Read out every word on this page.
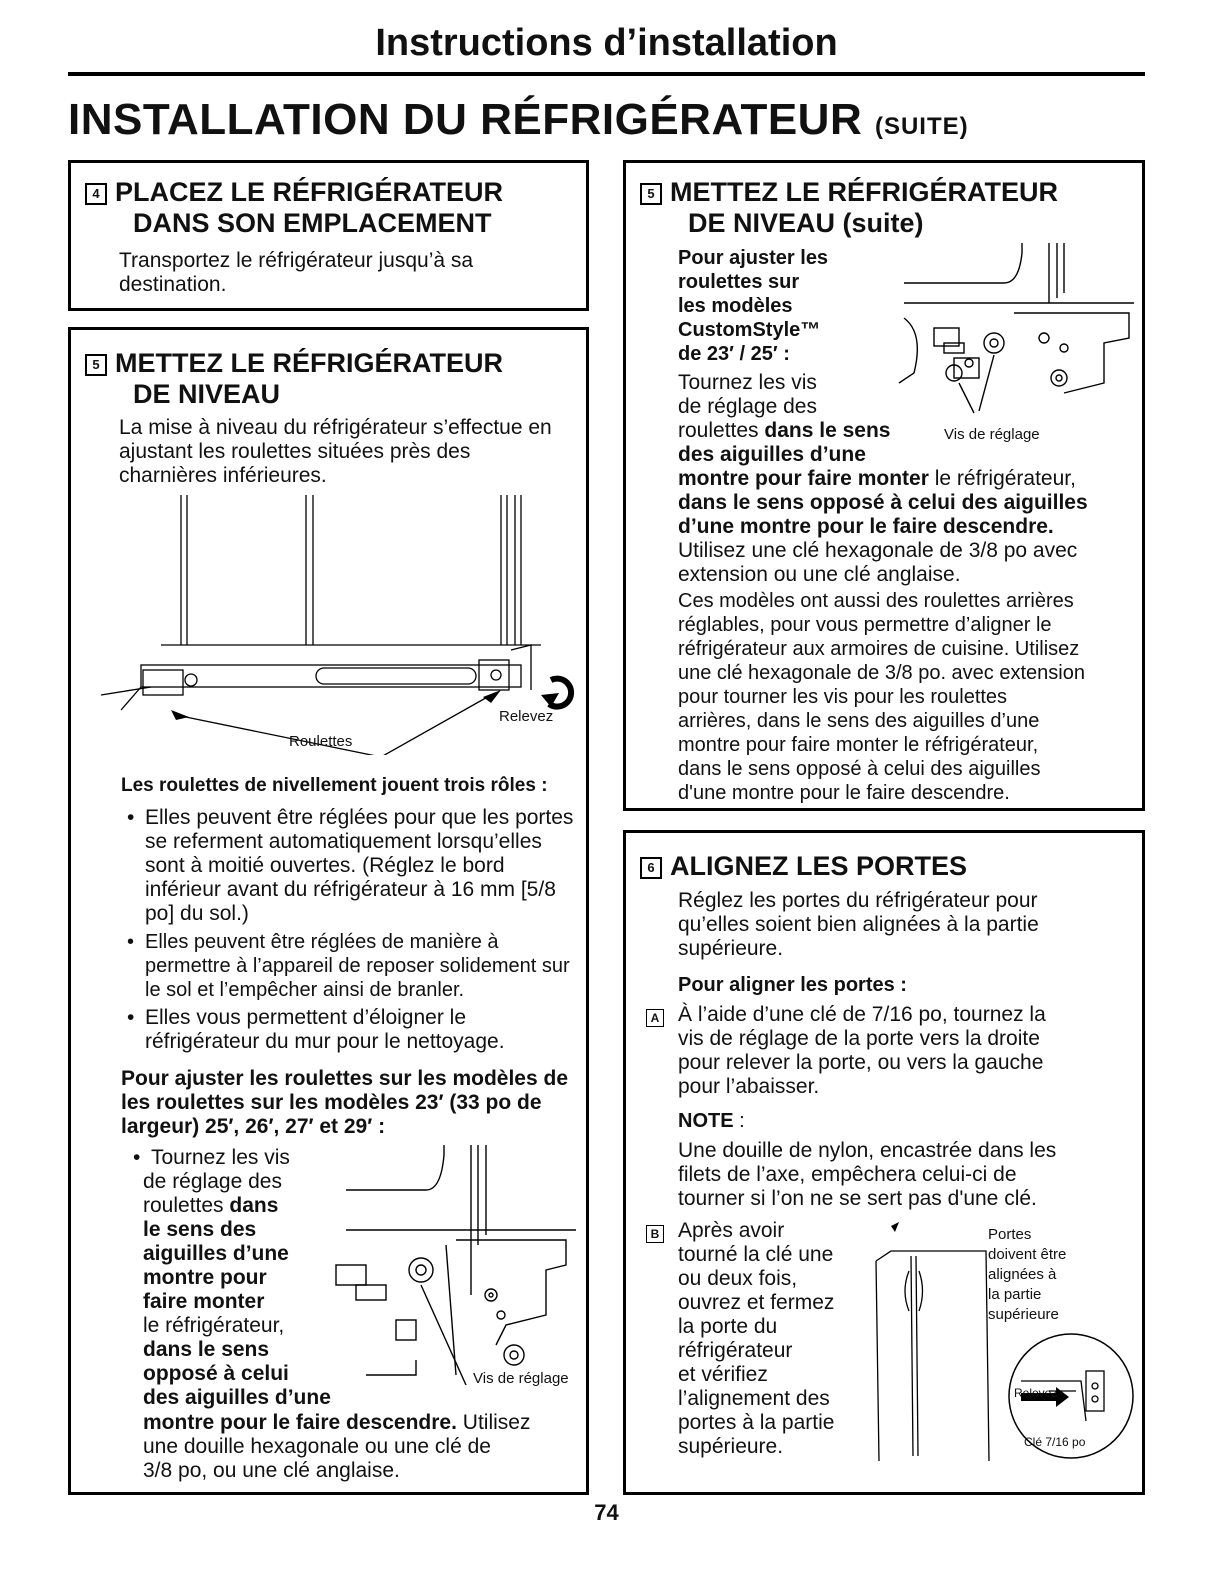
Instructions d’installation
INSTALLATION DU RÉFRIGÉRATEUR (SUITE)
4 PLACEZ LE RÉFRIGÉRATEUR
DANS SON EMPLACEMENT
Transportez le réfrigérateur jusqu’à sa destination.
5 METTEZ LE RÉFRIGÉRATEUR
DE NIVEAU
La mise à niveau du réfrigérateur s’effectue en ajustant les roulettes situées près des charnières inférieures.
Relevez
Roulettes
Les roulettes de nivellement jouent trois rôles :
• Elles peuvent être réglées pour que les portes se referment automatiquement lorsqu’elles sont à moitié ouvertes. (Réglez le bord inférieur avant du réfrigérateur à 16 mm [5/8 po] du sol.)
• Elles peuvent être réglées de manière à permettre à l’appareil de reposer solidement sur le sol et l’empêcher ainsi de branler.
• Elles vous permettent d’éloigner le réfrigérateur du mur pour le nettoyage.
Pour ajuster les roulettes sur les modèles de les roulettes sur les modèles 23′ (33 po de largeur) 25′, 26′, 27′ et 29′ :
• Tournez les vis
de réglage des
roulettes dans
le sens des
aiguilles d’une
montre pour
faire monter
le réfrigérateur,
dans le sens
opposé à celui
des aiguilles d’une
montre pour le faire descendre. Utilisez
une douille hexagonale ou une clé de
3/8 po, ou une clé anglaise.
Vis de réglage
5 METTEZ LE RÉFRIGÉRATEUR
DE NIVEAU (suite)
Pour ajuster les
roulettes sur
les modèles
CustomStyle™
de 23′ / 25′ :
Tournez les vis
de réglage des
roulettes dans le sens
des aiguilles d’une
montre pour faire monter le réfrigérateur,
dans le sens opposé à celui des aiguilles
d’une montre pour le faire descendre.
Utilisez une clé hexagonale de 3/8 po avec
extension ou une clé anglaise.
Ces modèles ont aussi des roulettes arrières
réglables, pour vous permettre d’aligner le
réfrigérateur aux armoires de cuisine. Utilisez
une clé hexagonale de 3/8 po. avec extension
pour tourner les vis pour les roulettes
arrières, dans le sens des aiguilles d’une
montre pour faire monter le réfrigérateur,
dans le sens opposé à celui des aiguilles
d'une montre pour le faire descendre.
Vis de réglage
6 ALIGNEZ LES PORTES
Réglez les portes du réfrigérateur pour
qu’elles soient bien alignées à la partie
supérieure.
Pour aligner les portes :
A À l’aide d’une clé de 7/16 po, tournez la
vis de réglage de la porte vers la droite
pour relever la porte, ou vers la gauche
pour l’abaisser.
NOTE :
Une douille de nylon, encastrée dans les
filets de l’axe, empêchera celui-ci de
tourner si l’on ne se sert pas d'une clé.
B Après avoir
tourné la clé une
ou deux fois,
ouvrez et fermez
la porte du
réfrigérateur
et vérifiez
l’alignement des
portes à la partie
supérieure.
Portes
doivent être
alignées à
la partie
supérieure
Relevez
Clé 7/16 po
74
